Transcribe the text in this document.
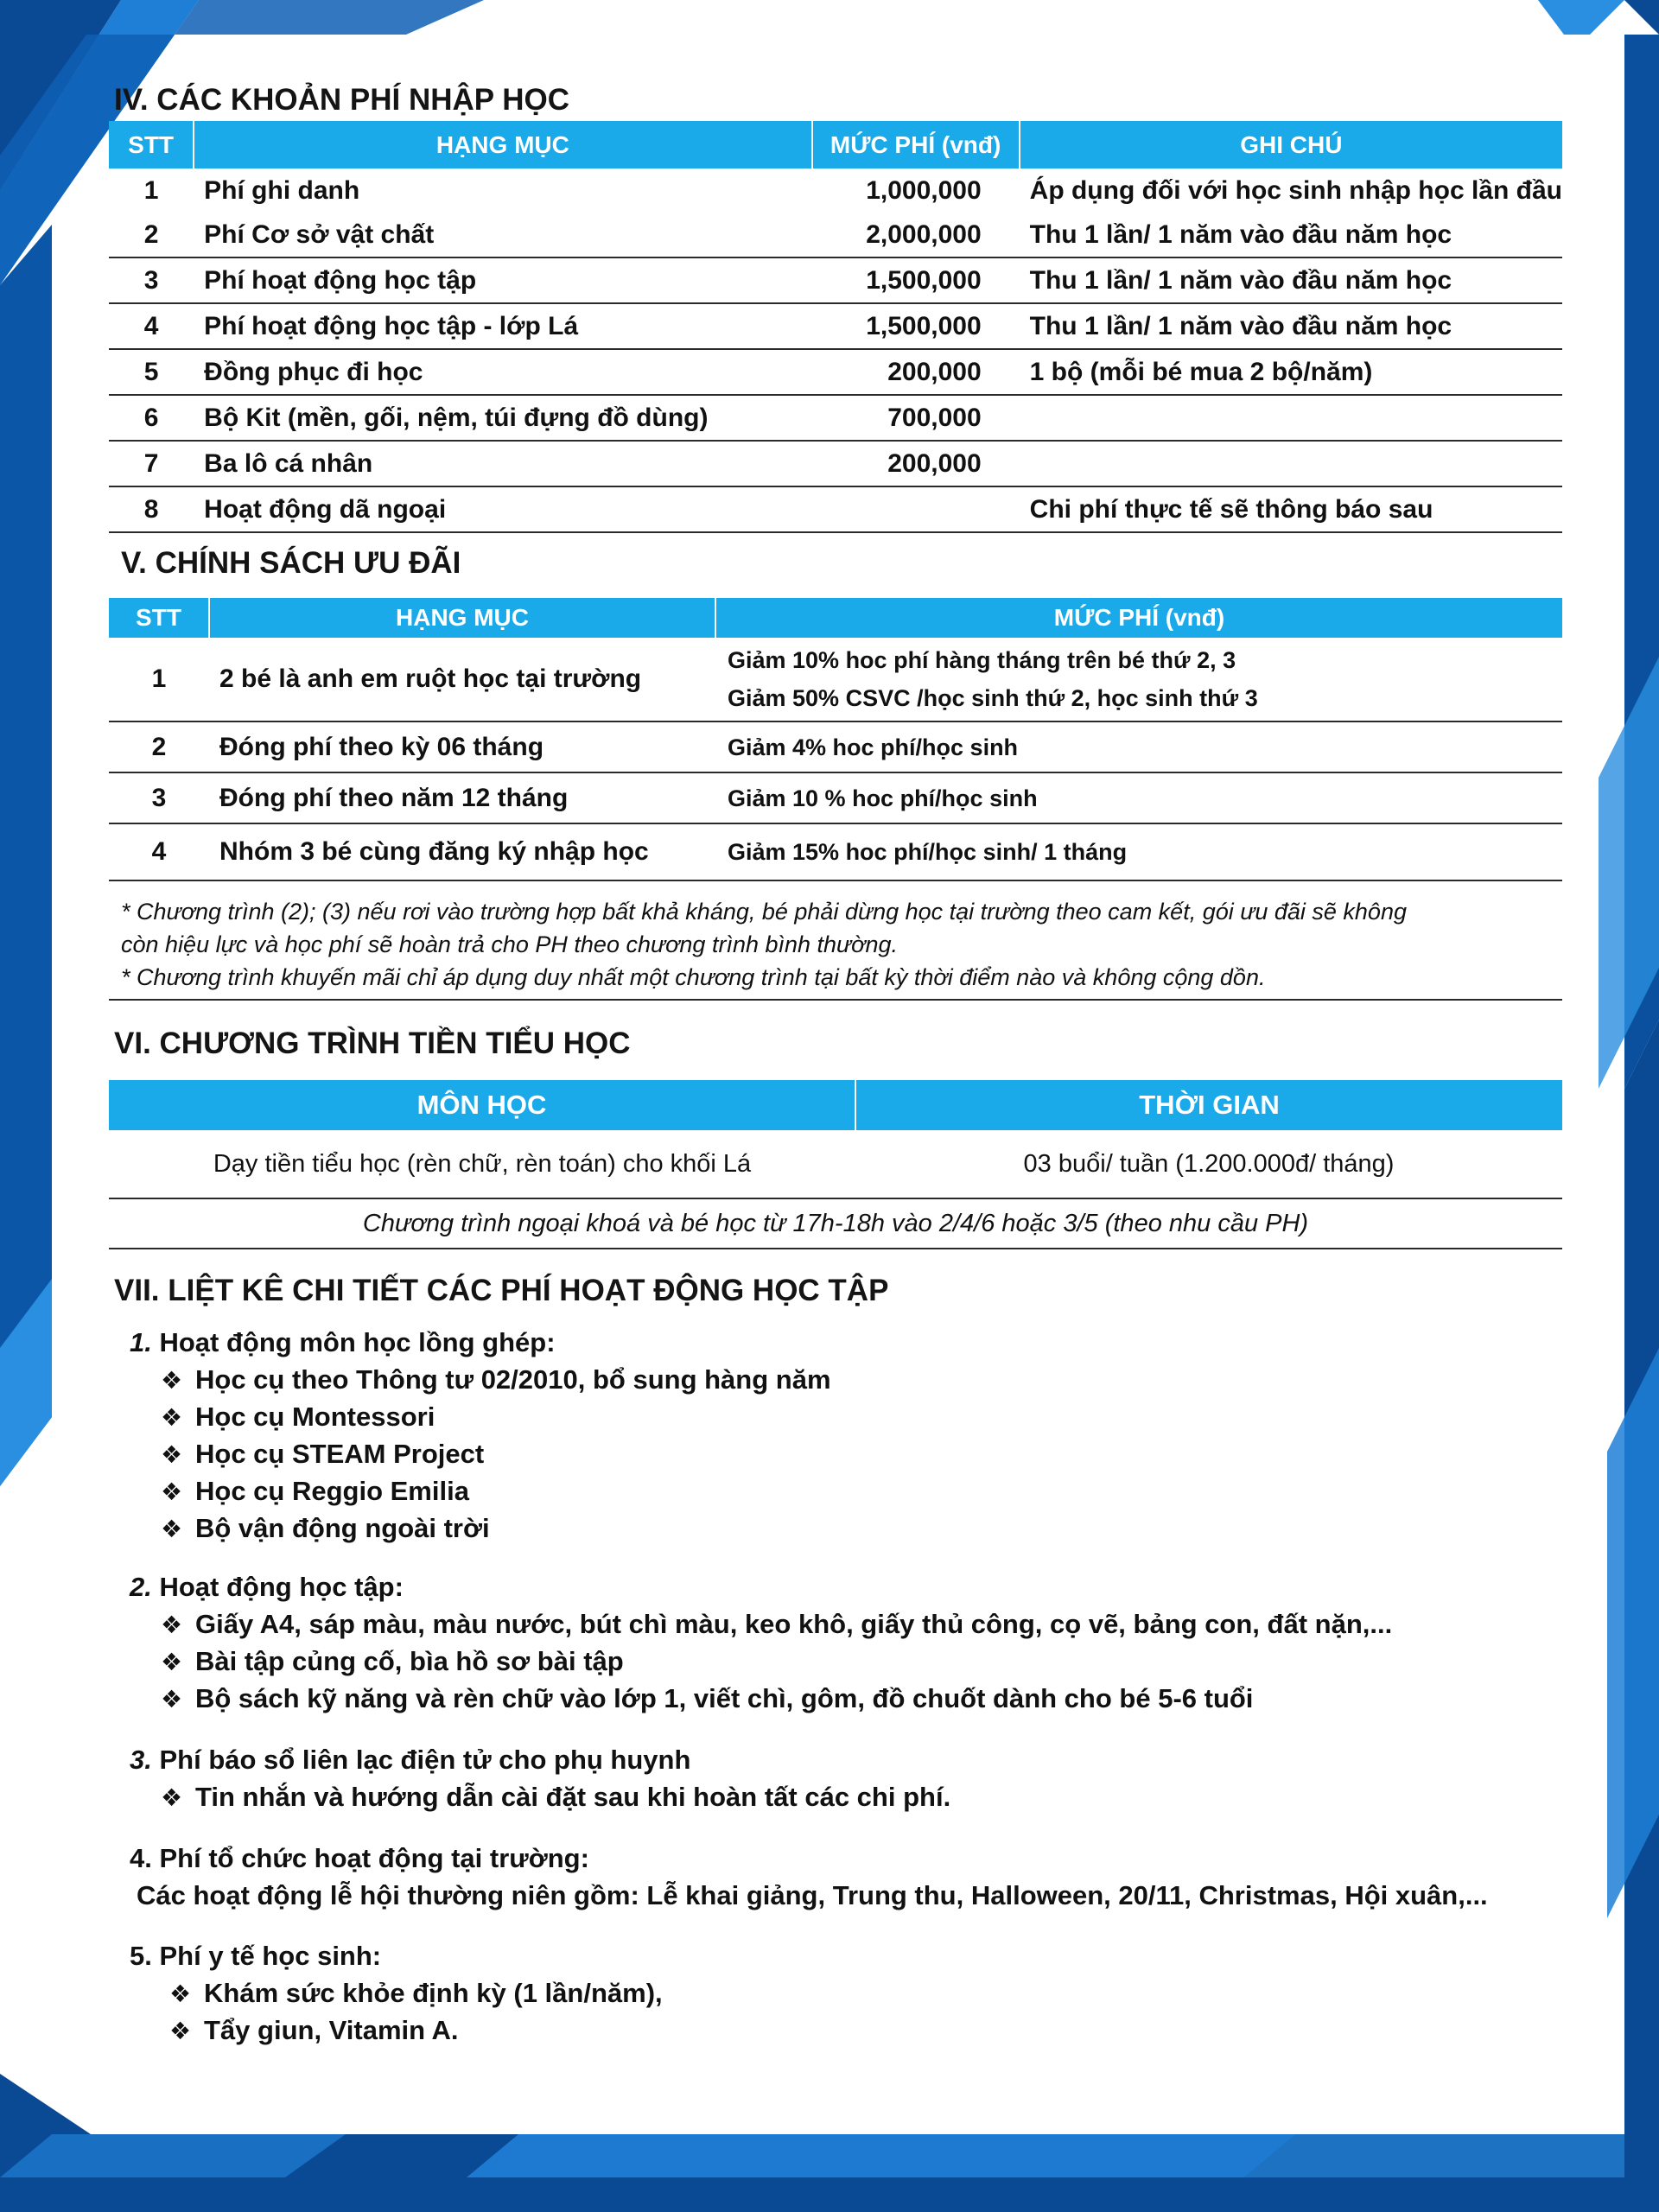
IV. CÁC KHOẢN PHÍ NHẬP HỌC
STT	HẠNG MỤC	MỨC PHÍ (vnđ)	GHI CHÚ
1	Phí ghi danh	1,000,000	Áp dụng đối với học sinh nhập học lần đầu
2	Phí Cơ sở vật chất	2,000,000	Thu 1 lần/ 1 năm vào đầu năm học
3	Phí hoạt động học tập	1,500,000	Thu 1 lần/ 1 năm vào đầu năm học
4	Phí hoạt động học tập - lớp Lá	1,500,000	Thu 1 lần/ 1 năm vào đầu năm học
5	Đồng phục đi học	200,000	1 bộ (mỗi bé mua 2 bộ/năm)
6	Bộ Kit (mền, gối, nệm, túi đựng đồ dùng)	700,000	
7	Ba lô cá nhân	200,000	
8	Hoạt động dã ngoại		Chi phí thực tế sẽ thông báo sau
V. CHÍNH SÁCH ƯU ĐÃI
STT	HẠNG MỤC	MỨC PHÍ (vnđ)
1	2 bé là anh em ruột học tại trường	Giảm 10% hoc phí hàng tháng trên bé thứ 2, 3
Giảm 50% CSVC /học sinh thứ 2, học sinh thứ 3

2	Đóng phí theo kỳ 06 tháng	Giảm 4% hoc phí/học sinh
3	Đóng phí theo năm 12 tháng	Giảm 10 % hoc phí/học sinh
4	Nhóm 3 bé cùng đăng ký nhập học	Giảm 15% hoc phí/học sinh/ 1 tháng
* Chương trình (2); (3) nếu rơi vào trường hợp bất khả kháng, bé phải dừng học tại trường theo cam kết, gói ưu đãi sẽ không
còn hiệu lực và học phí sẽ hoàn trả cho PH theo chương trình bình thường.
* Chương trình khuyến mãi chỉ áp dụng duy nhất một chương trình tại bất kỳ thời điểm nào và không cộng dồn.
VI. CHƯƠNG TRÌNH TIỀN TIỂU HỌC
MÔN HỌC	THỜI GIAN
Dạy tiền tiểu học (rèn chữ, rèn toán) cho khối Lá	03 buổi/ tuần (1.200.000đ/ tháng)
Chương trình ngoại khoá và bé học từ 17h-18h vào 2/4/6 hoặc 3/5 (theo nhu cầu PH)	
VII. LIỆT KÊ CHI TIẾT CÁC PHÍ HOẠT ĐỘNG HỌC TẬP
1. Hoạt động môn học lồng ghép:
❖ Học cụ theo Thông tư 02/2010, bổ sung hàng năm
❖ Học cụ Montessori
❖ Học cụ STEAM Project
❖ Học cụ Reggio Emilia
❖ Bộ vận động ngoài trời
2. Hoạt động học tập:
❖ Giấy A4, sáp màu, màu nước, bút chì màu, keo khô, giấy thủ công, cọ vẽ, bảng con, đất nặn,...
❖ Bài tập củng cố, bìa hồ sơ bài tập
❖ Bộ sách kỹ năng và rèn chữ vào lớp 1, viết chì, gôm, đồ chuốt dành cho bé 5-6 tuổi
3. Phí báo sổ liên lạc điện tử cho phụ huynh
❖ Tin nhắn và hướng dẫn cài đặt sau khi hoàn tất các chi phí.
4. Phí tổ chức hoạt động tại trường:
Các hoạt động lễ hội thường niên gồm: Lễ khai giảng, Trung thu, Halloween, 20/11, Christmas, Hội xuân,...
5. Phí y tế học sinh:
❖ Khám sức khỏe định kỳ (1 lần/năm),
❖ Tẩy giun, Vitamin A.
